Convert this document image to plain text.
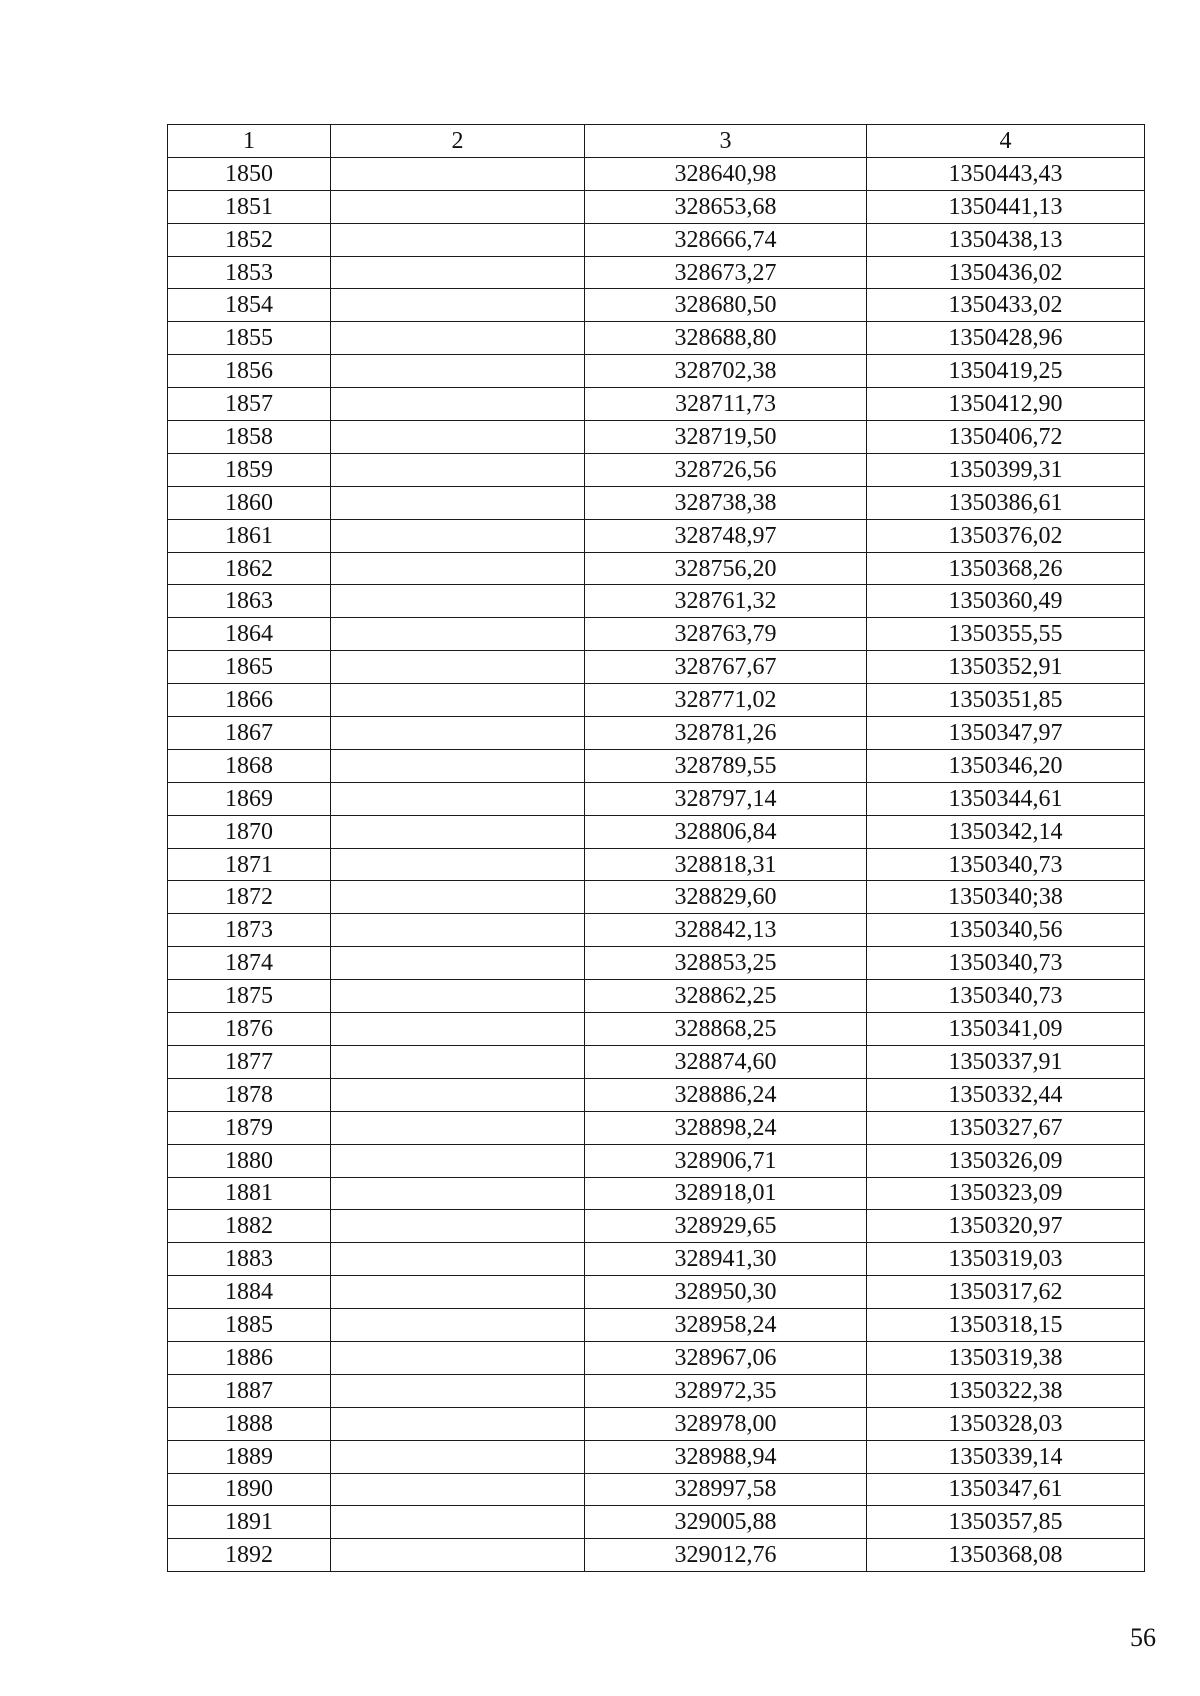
1	2	3	4
1850		328640,98	1350443,43
1851		328653,68	1350441,13
1852		328666,74	1350438,13
1853		328673,27	1350436,02
1854		328680,50	1350433,02
1855		328688,80	1350428,96
1856		328702,38	1350419,25
1857		328711,73	1350412,90
1858		328719,50	1350406,72
1859		328726,56	1350399,31
1860		328738,38	1350386,61
1861		328748,97	1350376,02
1862		328756,20	1350368,26
1863		328761,32	1350360,49
1864		328763,79	1350355,55
1865		328767,67	1350352,91
1866		328771,02	1350351,85
1867		328781,26	1350347,97
1868		328789,55	1350346,20
1869		328797,14	1350344,61
1870		328806,84	1350342,14
1871		328818,31	1350340,73
1872		328829,60	1350340;38
1873		328842,13	1350340,56
1874		328853,25	1350340,73
1875		328862,25	1350340,73
1876		328868,25	1350341,09
1877		328874,60	1350337,91
1878		328886,24	1350332,44
1879		328898,24	1350327,67
1880		328906,71	1350326,09
1881		328918,01	1350323,09
1882		328929,65	1350320,97
1883		328941,30	1350319,03
1884		328950,30	1350317,62
1885		328958,24	1350318,15
1886		328967,06	1350319,38
1887		328972,35	1350322,38
1888		328978,00	1350328,03
1889		328988,94	1350339,14
1890		328997,58	1350347,61
1891		329005,88	1350357,85
1892		329012,76	1350368,08
56
